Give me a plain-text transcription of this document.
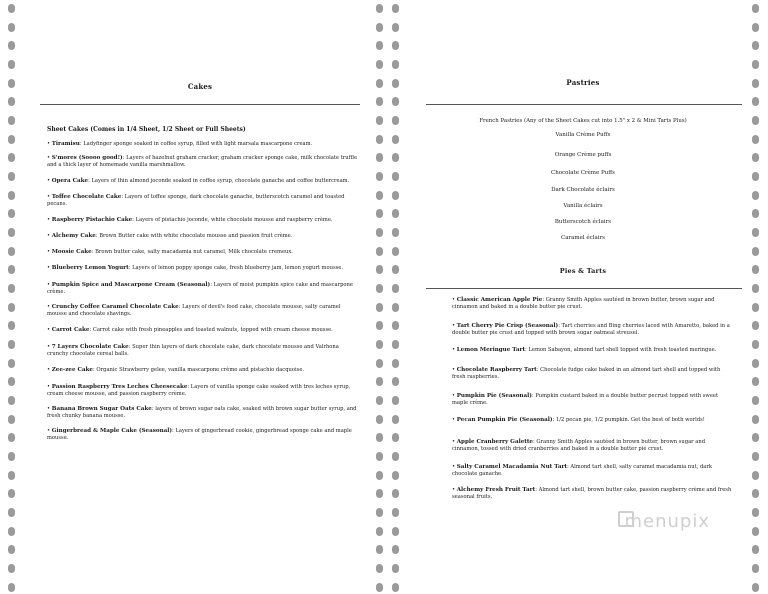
Cakes
Sheet Cakes (Comes in 1/4 Sheet, 1/2 Sheet or Full Sheets)

• Tiramisu: Ladyfinger sponge soaked in coffee syrup, filled with light marsala mascarpone cream.

• S'mores (Soooo good!): Layers of hazelnut graham cracker, graham cracker sponge cake, milk chocolate truffle and a thick layer of homemade vanilla marshmallow.

• Opera Cake: Layers of thin almond joconde soaked in coffee syrup, chocolate ganache and coffee buttercream.

• Toffee Chocolate Cake: Layers of toffee sponge, dark chocolate ganache, butterscotch caramel and toasted pecans.

• Raspberry Pistachio Cake: Layers of pistachio joconde, white chocolate mousse and raspberry crème.

• Alchemy Cake: Brown Butter cake with white chocolate mousse and passion fruit crème.

• Moosie Cake: Brown butter cake, salty macadamia nut caramel, Milk chocolate cremeux.

• Blueberry Lemon Yogurt: Layers of lemon poppy sponge cake, fresh blueberry jam, lemon yogurt mousse.

• Pumpkin Spice and Mascarpone Cream (Seasonal): Layers of moist pumpkin spice cake and mascarpone crème.

• Crunchy Coffee Caramel Chocolate Cake: Layers of devil's food cake, chocolate mousse, salty caramel mousse and chocolate shavings.

• Carrot Cake: Carrot cake with fresh pineapples and toasted walnuts, topped with cream cheese mousse.

• 7 Layers Chocolate Cake: Super thin layers of dark chocolate cake, dark chocolate mousse and Valrhona crunchy chocolate cereal balls.

• Zee-zee Cake: Organic Strawberry gelee, vanilla mascarpone crème and pistachio dacquoise.

• Passion Raspberry Tres Leches Cheesecake: Layers of vanilla sponge cake soaked with tres leches syrup, cream cheese mousse, and passion raspberry crème.

• Banana Brown Sugar Oats Cake: layers of brown sugar oats cake, soaked with brown sugar butter syrup, and fresh chunky banana mousse.

• Gingerbread & Maple Cake (Seasonal): Layers of gingerbread cookie, gingerbread sponge cake and maple mousse.

Pastries
French Pastries (Any of the Sheet Cakes cut into 1.5" x 2 & Mini Tarts Plus)
Vanilla Crème Puffs
Orange Crème puffs
Chocolate Crème Puffs
Dark Chocolate éclairs
Vanilla éclairs
Butterscotch éclairs
Caramel éclairs
Pies & Tarts

• Classic American Apple Pie: Granny Smith Apples sautéed in brown butter, brown sugar and cinnamon and baked in a double butter pie crust.

• Tart Cherry Pie Crisp (Seasonal): Tart cherries and Bing cherries laced with Amaretto, baked in a double butter pie crust and topped with brown sugar oatmeal streusel.

• Lemon Meringue Tart: Lemon Sabayon, almond tart shell topped with fresh toasted meringue.

• Chocolate Raspberry Tart: Chocolate fudge cake baked in an almond tart shell and topped with fresh raspberries.

• Pumpkin Pie (Seasonal): Pumpkin custard baked in a double butter pecrust topped with sweet maple crème.

• Pecan Pumpkin Pie (Seasonal): 1/2 pecan pie, 1/2 pumpkin. Get the best of both worlds!

• Apple Cranberry Galette: Granny Smith Apples sautéed in brown butter, brown sugar and cinnamon, tossed with dried cranberries and baked in a double butter pie crust.

• Salty Caramel Macadamia Nut Tart: Almond tart shell, salty caramel macadamia nut, dark chocolate ganache.

• Alchemy Fresh Fruit Tart: Almond tart shell, brown butter cake, passion raspberry crème and fresh seasonal fruits.

menupix
